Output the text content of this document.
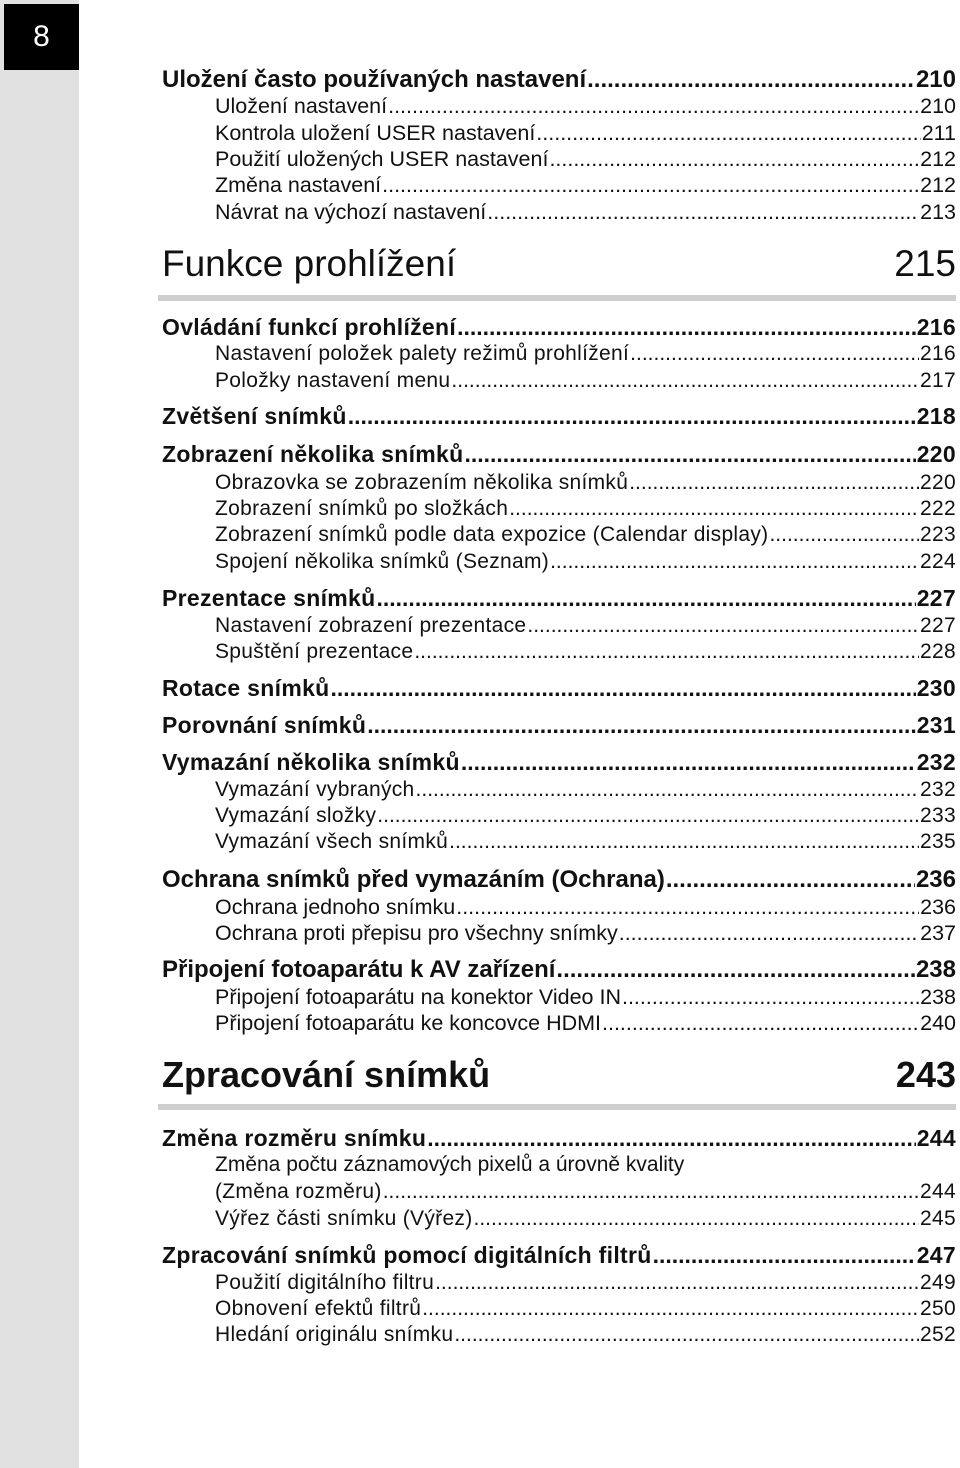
8
Uložení často používaných nastavení .....	210
Uložení nastavení .....	210
Kontrola uložení USER nastavení .....	211
Použití uložených USER nastavení .....	212
Změna nastavení .....	212
Návrat na výchozí nastavení .....	213
Funkce prohlížení	215
Ovládání funkcí prohlížení .....	216
Nastavení položek palety režimů prohlížení .....	216
Položky nastavení menu .....	217
Zvětšení snímků .....	218
Zobrazení několika snímků .....	220
Obrazovka se zobrazením několika snímků .....	220
Zobrazení snímků po složkách .....	222
Zobrazení snímků podle data expozice (Calendar display) .....	223
Spojení několika snímků (Seznam) .....	224
Prezentace snímků .....	227
Nastavení zobrazení prezentace .....	227
Spuštění prezentace .....	228
Rotace snímků .....	230
Porovnání snímků .....	231
Vymazání několika snímků .....	232
Vymazání vybraných .....	232
Vymazání složky .....	233
Vymazání všech snímků .....	235
Ochrana snímků před vymazáním (Ochrana) .....	236
Ochrana jednoho snímku .....	236
Ochrana proti přepisu pro všechny snímky .....	237
Připojení fotoaparátu k AV zařízení .....	238
Připojení fotoaparátu na konektor Video IN .....	238
Připojení fotoaparátu ke koncovce HDMI .....	240
Zpracování snímků	243
Změna rozměru snímku .....	244
Změna počtu záznamových pixelů a úrovně kvality
(Změna rozměru) .....	244
Výřez části snímku (Výřez) .....	245
Zpracování snímků pomocí digitálních filtrů .....	247
Použití digitálního filtru .....	249
Obnovení efektů filtrů .....	250
Hledání originálu snímku .....	252
